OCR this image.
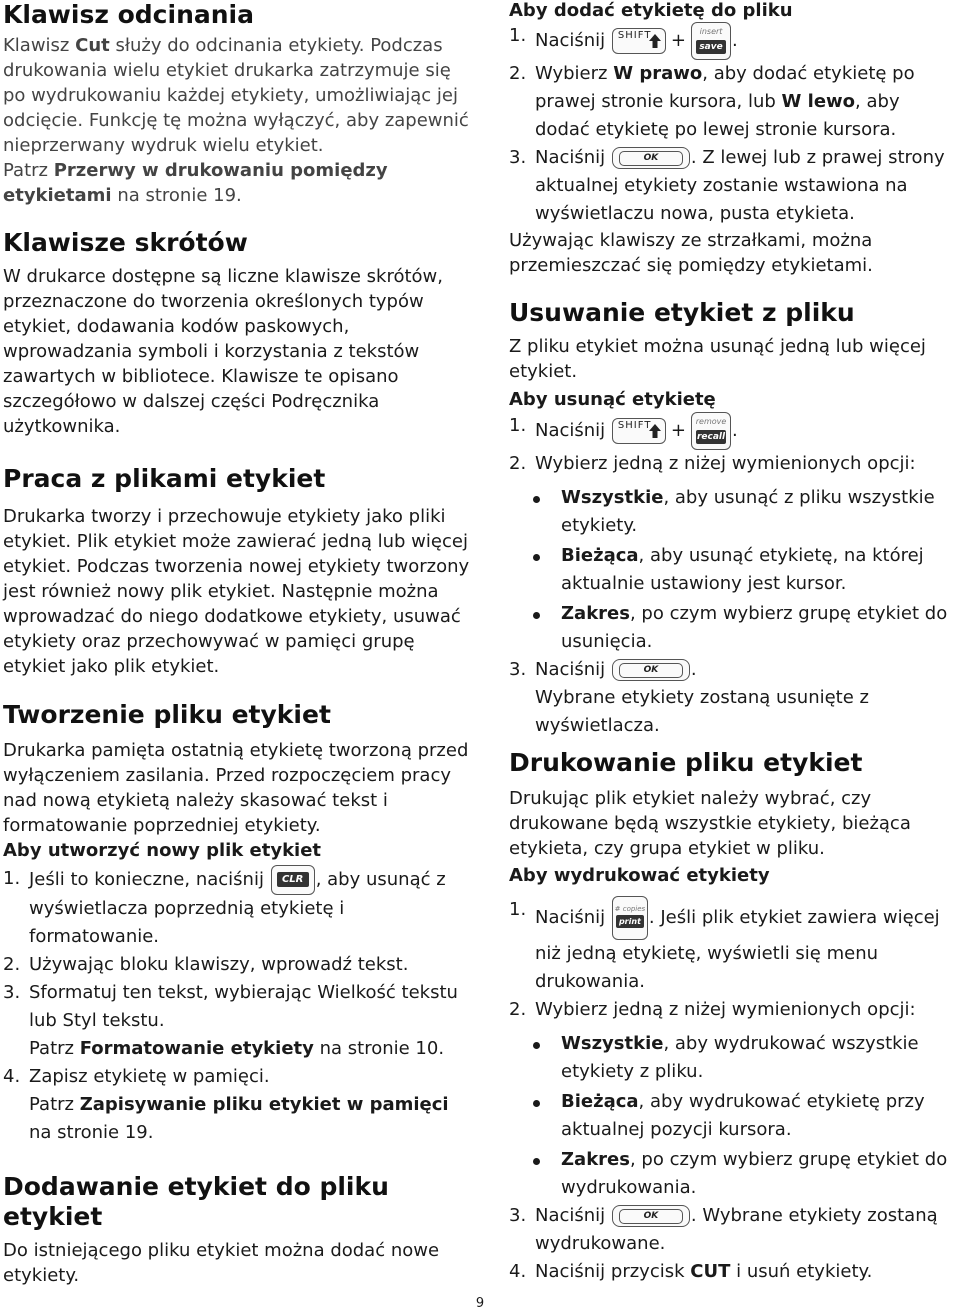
Klawisz odcinania

Klawisz Cut służy do odcinania etykiety. Podczas drukowania wielu etykiet drukarka zatrzymuje się po wydrukowaniu każdej etykiety, umożliwiając jej odcięcie. Funkcję tę można wyłączyć, aby zapewnić nieprzerwany wydruk wielu etykiet.

Patrz Przerwy w drukowaniu pomiędzy etykietami na stronie 19.

Klawisze skrótów

W drukarce dostępne są liczne klawisze skrótów, przeznaczone do tworzenia określonych typów etykiet, dodawania kodów paskowych, wprowadzania symboli i korzystania z tekstów zawartych w bibliotece. Klawisze te opisano szczegółowo w dalszej części Podręcznika użytkownika.

Praca z plikami etykiet

Drukarka tworzy i przechowuje etykiety jako pliki etykiet. Plik etykiet może zawierać jedną lub więcej etykiet. Podczas tworzenia nowej etykiety tworzony jest również nowy plik etykiet. Następnie można wprowadzać do niego dodatkowe etykiety, usuwać etykiety oraz przechowywać w pamięci grupę etykiet jako plik etykiet.

Tworzenie pliku etykiet

Drukarka pamięta ostatnią etykietę tworzoną przed wyłączeniem zasilania. Przed rozpoczęciem pracy nad nową etykietą należy skasować tekst i formatowanie poprzedniej etykiety.

Aby utworzyć nowy plik etykiet

1. Jeśli to konieczne, naciśnij	CLR , aby usunąć z wyświetlacza poprzednią etykietę i formatowanie.
2. Używając bloku klawiszy, wprowadź tekst.
3. Sformatuj ten tekst, wybierając Wielkość tekstu lub Styl tekstu.
Patrz Formatowanie etykiety na stronie 10.
4. Zapisz etykietę w pamięci.
Patrz Zapisywanie pliku etykiet w pamięci na stronie 19.
Dodawanie etykiet do pliku etykiet

Do istniejącego pliku etykiet można dodać nowe etykiety.

Aby dodać etykietę do pliku

1. Naciśnij SHIFT +	insert
save .
2. Wybierz W prawo, aby dodać etykietę po prawej stronie kursora, lub W lewo, aby dodać etykietę po lewej stronie kursora.
3. Naciśnij	OK	. Z lewej lub z prawej strony aktualnej etykiety zostanie wstawiona na wyświetlaczu nowa, pusta etykieta.

Używając klawiszy ze strzałkami, można przemieszczać się pomiędzy etykietami.

Usuwanie etykiet z pliku

Z pliku etykiet można usunąć jedną lub więcej etykiet.

Aby usunąć etykietę

1. Naciśnij SHIFT +	remove
recall .
2. Wybierz jedną z niżej wymienionych opcji:
Wszystkie, aby usunąć z pliku wszystkie etykiety.
Bieżąca, aby usunąć etykietę, na której aktualnie ustawiony jest kursor.
Zakres, po czym wybierz grupę etykiet do usunięcia.
3. Naciśnij	OK	.
Wybrane etykiety zostaną usunięte z wyświetlacza.
Drukowanie pliku etykiet

Drukując plik etykiet należy wybrać, czy drukowane będą wszystkie etykiety, bieżąca etykieta, czy grupa etykiet w pliku.

Aby wydrukować etykiety

1. Naciśnij # copies
print . Jeśli plik etykiet zawiera więcej niż jedną etykietę, wyświetli się menu drukowania.
2. Wybierz jedną z niżej wymienionych opcji:
Wszystkie, aby wydrukować wszystkie etykiety z pliku.
Bieżąca, aby wydrukować etykietę przy aktualnej pozycji kursora.
Zakres, po czym wybierz grupę etykiet do wydrukowania.
3. Naciśnij	OK	. Wybrane etykiety zostaną wydrukowane.
4. Naciśnij przycisk CUT i usuń etykiety.
9
